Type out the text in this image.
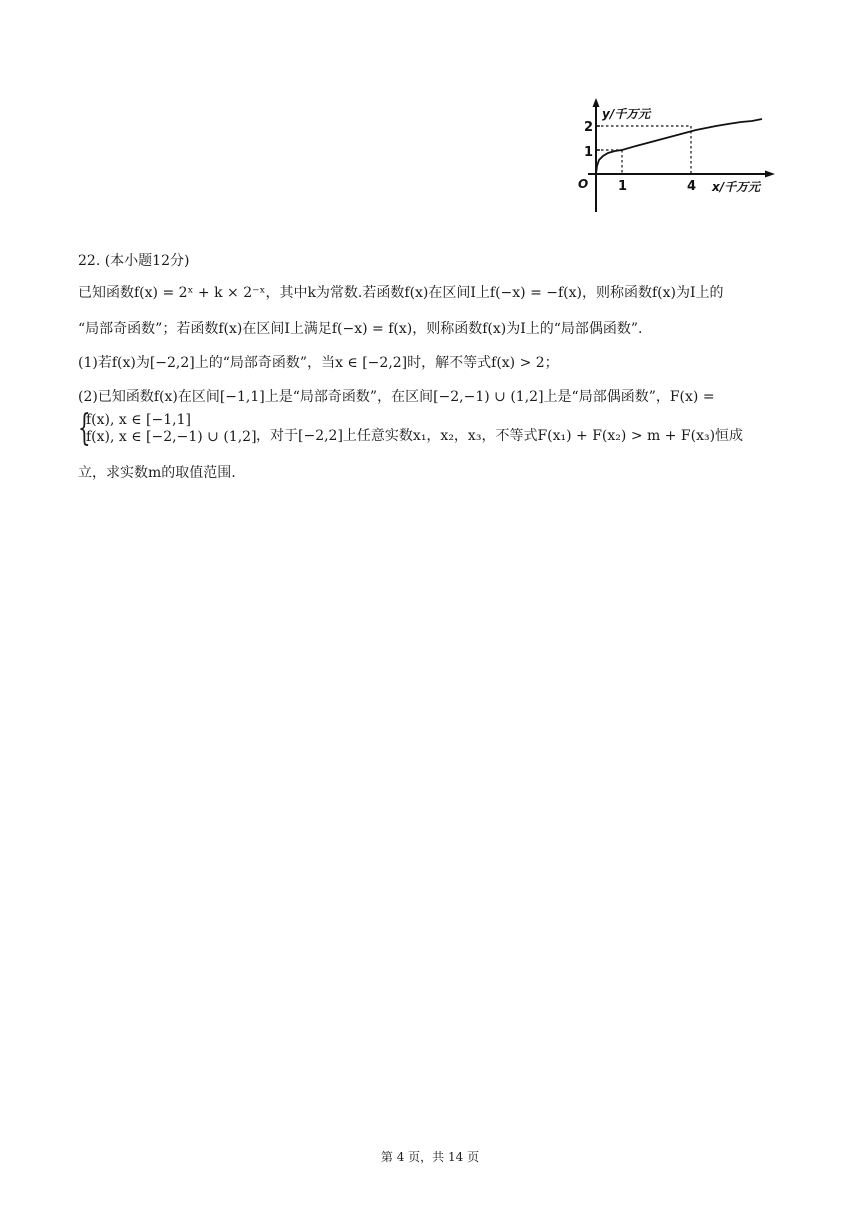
y/千万元
2
1
O 1	4 x/千万元
22. (本小题12分)
已知函数f(x) = 2ˣ + k × 2⁻ˣ，其中k为常数.若函数f(x)在区间I上f(−x) = −f(x)，则称函数f(x)为I上的
“局部奇函数”；若函数f(x)在区间I上满足f(−x) = f(x)，则称函数f(x)为I上的“局部偶函数”.
(1)若f(x)为[−2,2]上的“局部奇函数”，当x ∈ [−2,2]时，解不等式f(x) > 2；
(2)已知函数f(x)在区间[−1,1]上是“局部奇函数”，在区间[−2,−1) ∪ (1,2]上是“局部偶函数”，F(x) =
{
f(x), x ∈ [−1,1]
f(x), x ∈ [−2,−1) ∪ (1,2] ，对于[−2,2]上任意实数x₁，x₂，x₃，不等式F(x₁) + F(x₂) > m + F(x₃)恒成
立，求实数m的取值范围.
第 4 页，共 14 页
